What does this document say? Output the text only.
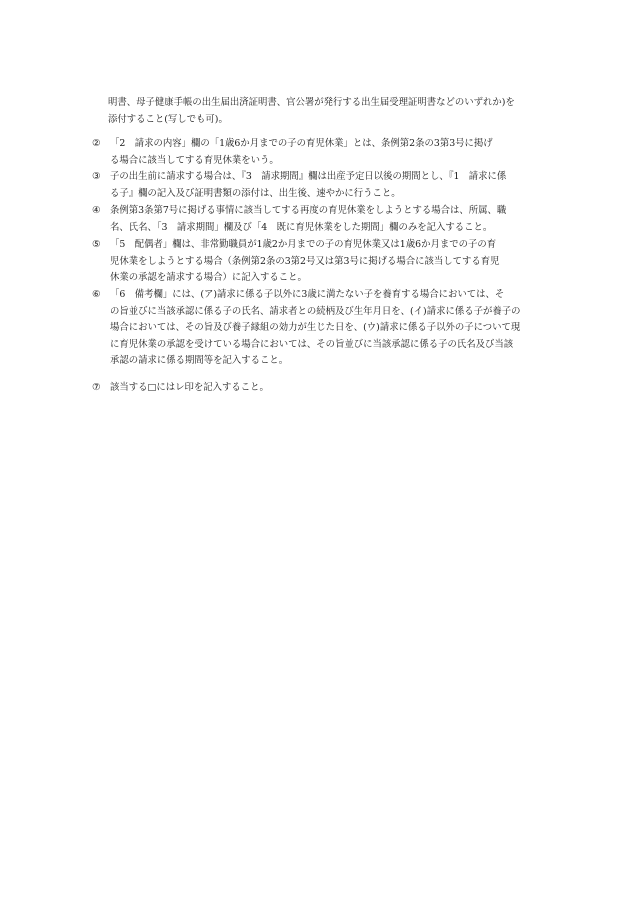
明書、母子健康手帳の出生届出済証明書、官公署が発行する出生届受理証明書などのいずれか)を
添付すること(写しでも可)。
②	「2　請求の内容」欄の「1歳6か月までの子の育児休業」とは、条例第2条の3第3号に掲げ
る場合に該当してする育児休業をいう。
③	子の出生前に請求する場合は、『3　請求期間』欄は出産予定日以後の期間とし、『1　請求に係
る子』欄の記入及び証明書類の添付は、出生後、速やかに行うこと。
④	条例第3条第7号に掲げる事情に該当してする再度の育児休業をしようとする場合は、所属、職
名、氏名、「3　請求期間」欄及び「4　既に育児休業をした期間」欄のみを記入すること。
⑤	「5　配偶者」欄は、非常勤職員が1歳2か月までの子の育児休業又は1歳6か月までの子の育
児休業をしようとする場合（条例第2条の3第2号又は第3号に掲げる場合に該当してする育児
休業の承認を請求する場合）に記入すること。
⑥	「6　備考欄」には、(ア)請求に係る子以外に3歳に満たない子を養育する場合においては、そ
の旨並びに当該承認に係る子の氏名、請求者との続柄及び生年月日を、(イ)請求に係る子が養子の
場合においては、その旨及び養子縁組の効力が生じた日を、(ウ)請求に係る子以外の子について現
に育児休業の承認を受けている場合においては、その旨並びに当該承認に係る子の氏名及び当該
承認の請求に係る期間等を記入すること。
⑦	該当する□にはレ印を記入すること。
